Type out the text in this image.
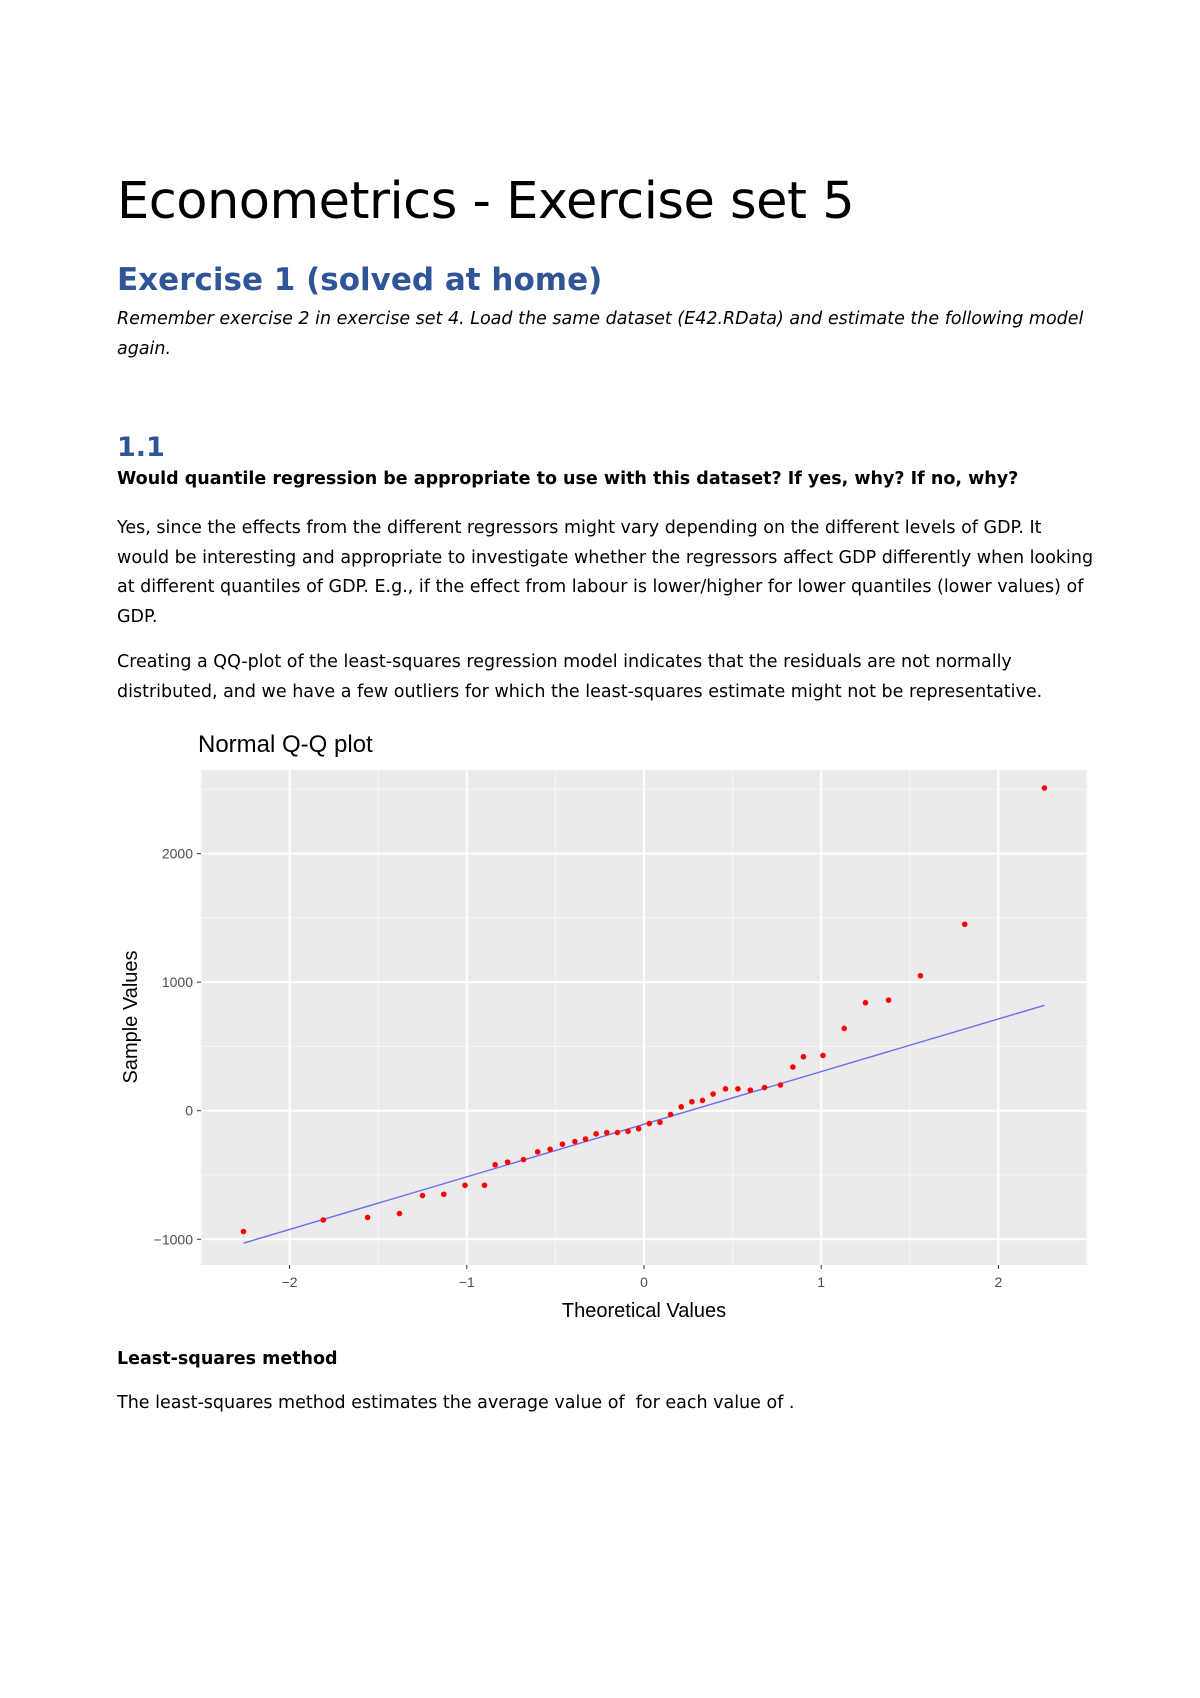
Econometrics - Exercise set 5
Exercise 1 (solved at home)

Remember exercise 2 in exercise set 4. Load the same dataset (E42.RData) and estimate the following model again.

1.1

Would quantile regression be appropriate to use with this dataset? If yes, why? If no, why?

Yes, since the effects from the different regressors might vary depending on the different levels of GDP. It would be interesting and appropriate to investigate whether the regressors affect GDP differently when looking at different quantiles of GDP. E.g., if the effect from labour is lower/higher for lower quantiles (lower values) of GDP.

Creating a QQ-plot of the least-squares regression model indicates that the residuals are not normally distributed, and we have a few outliers for which the least-squares estimate might not be representative.

Normal Q-Q plot
−2	−1	0	1	2
−1000
0
1000
2000
Theoretical Values
Sample Values

Least-squares method

The least-squares method estimates the average value of  for each value of .
